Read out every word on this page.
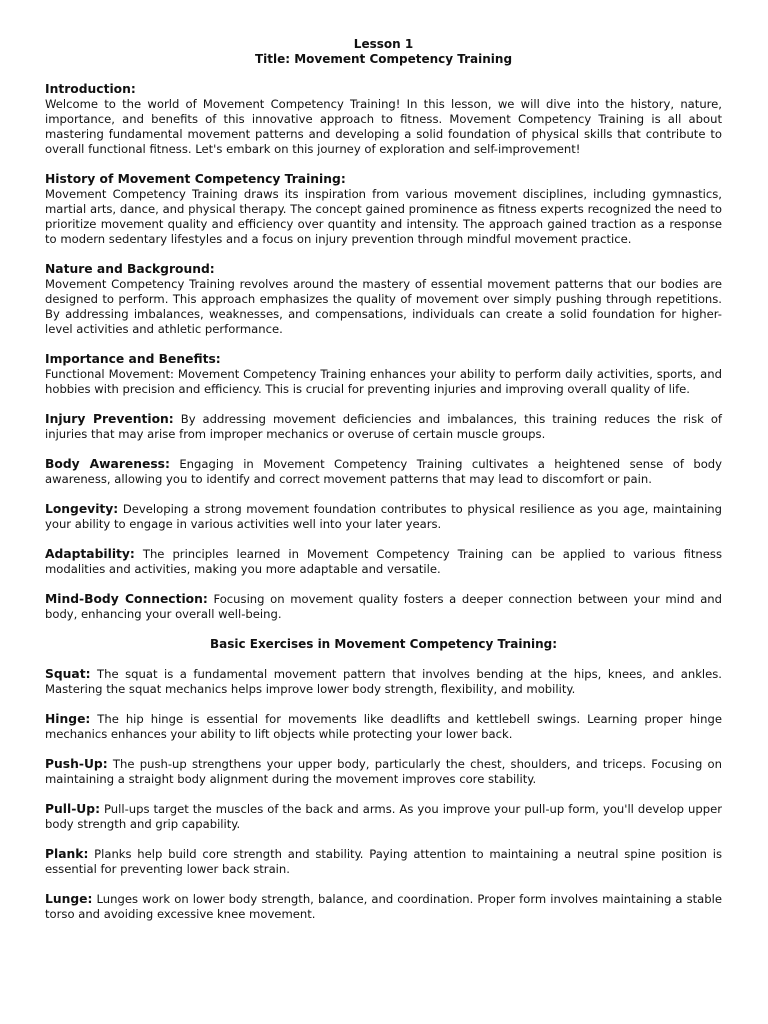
Lesson 1
Title: Movement Competency Training
Introduction:

Welcome to the world of Movement Competency Training! In this lesson, we will dive into the history, nature, importance, and benefits of this innovative approach to fitness. Movement Competency Training is all about mastering fundamental movement patterns and developing a solid foundation of physical skills that contribute to overall functional fitness. Let's embark on this journey of exploration and self-improvement!

History of Movement Competency Training:

Movement Competency Training draws its inspiration from various movement disciplines, including gymnastics, martial arts, dance, and physical therapy. The concept gained prominence as fitness experts recognized the need to prioritize movement quality and efficiency over quantity and intensity. The approach gained traction as a response to modern sedentary lifestyles and a focus on injury prevention through mindful movement practice.

Nature and Background:

Movement Competency Training revolves around the mastery of essential movement patterns that our bodies are designed to perform. This approach emphasizes the quality of movement over simply pushing through repetitions. By addressing imbalances, weaknesses, and compensations, individuals can create a solid foundation for higher-level activities and athletic performance.

Importance and Benefits:

Functional Movement: Movement Competency Training enhances your ability to perform daily activities, sports, and hobbies with precision and efficiency. This is crucial for preventing injuries and improving overall quality of life.

Injury Prevention: By addressing movement deficiencies and imbalances, this training reduces the risk of injuries that may arise from improper mechanics or overuse of certain muscle groups.

Body Awareness: Engaging in Movement Competency Training cultivates a heightened sense of body awareness, allowing you to identify and correct movement patterns that may lead to discomfort or pain.

Longevity: Developing a strong movement foundation contributes to physical resilience as you age, maintaining your ability to engage in various activities well into your later years.

Adaptability: The principles learned in Movement Competency Training can be applied to various fitness modalities and activities, making you more adaptable and versatile.

Mind-Body Connection: Focusing on movement quality fosters a deeper connection between your mind and body, enhancing your overall well-being.

Basic Exercises in Movement Competency Training:

Squat: The squat is a fundamental movement pattern that involves bending at the hips, knees, and ankles. Mastering the squat mechanics helps improve lower body strength, flexibility, and mobility.

Hinge: The hip hinge is essential for movements like deadlifts and kettlebell swings. Learning proper hinge mechanics enhances your ability to lift objects while protecting your lower back.

Push-Up: The push-up strengthens your upper body, particularly the chest, shoulders, and triceps. Focusing on maintaining a straight body alignment during the movement improves core stability.

Pull-Up: Pull-ups target the muscles of the back and arms. As you improve your pull-up form, you'll develop upper body strength and grip capability.

Plank: Planks help build core strength and stability. Paying attention to maintaining a neutral spine position is essential for preventing lower back strain.

Lunge: Lunges work on lower body strength, balance, and coordination. Proper form involves maintaining a stable torso and avoiding excessive knee movement.
